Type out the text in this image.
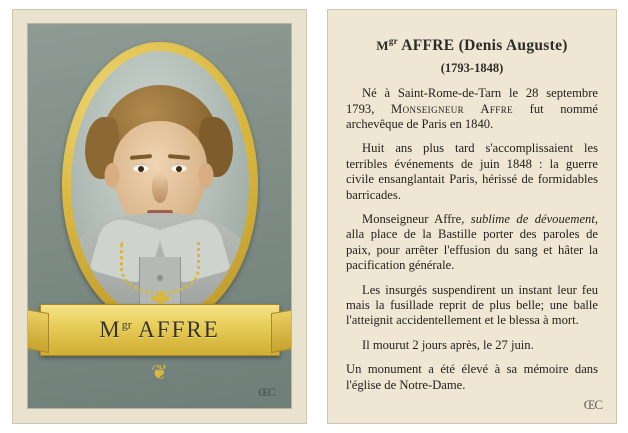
$M^{gr}$ AFFRE
❦
ŒC
$M^{gr}$ AFFRE (Denis Auguste)
(1793-1848)

Né à Saint-Rome-de-Tarn le 28 septembre 1793, Monseigneur Affre fut nommé archevêque de Paris en 1840.

Huit ans plus tard s'accomplissaient les terribles événements de juin 1848 : la guerre civile ensanglantait Paris, hérissé de formidables barricades.

Monseigneur Affre, sublime de dévouement, alla place de la Bastille porter des paroles de paix, pour arrêter l'effusion du sang et hâter la pacification générale.

Les insurgés suspendirent un instant leur feu mais la fusillade reprit de plus belle; une balle l'atteignit accidentellement et le blessa à mort.

Il mourut 2 jours après, le 27 juin.

Un monument a été élevé à sa mémoire dans l'église de Notre-Dame.

ŒC
